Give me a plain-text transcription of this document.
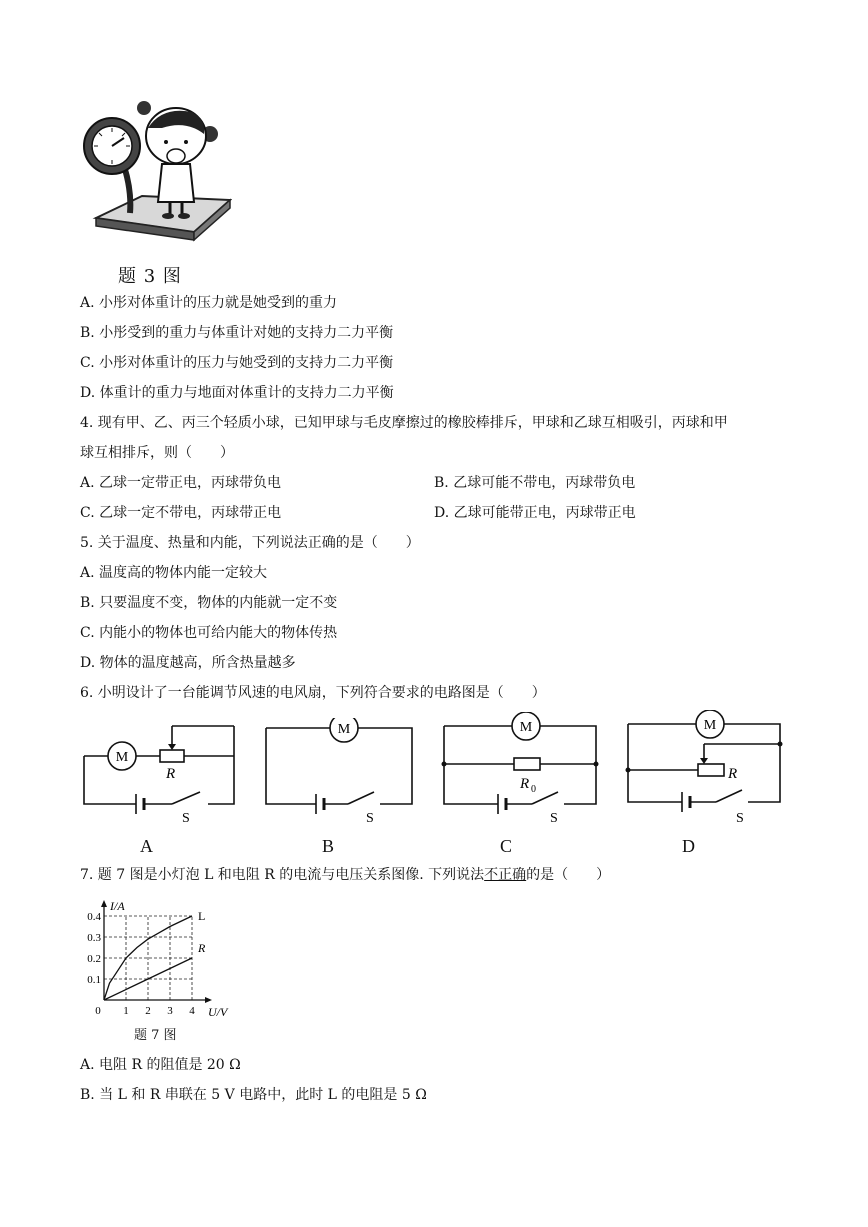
题 3 图
A. 小彤对体重计的压力就是她受到的重力
B. 小彤受到的重力与体重计对她的支持力二力平衡
C. 小彤对体重计的压力与她受到的支持力二力平衡
D. 体重计的重力与地面对体重计的支持力二力平衡
4. 现有甲、乙、丙三个轻质小球，已知甲球与毛皮摩擦过的橡胶棒排斥，甲球和乙球互相吸引，丙球和甲
球互相排斥，则（　　）
A. 乙球一定带正电，丙球带负电	B. 乙球可能不带电，丙球带负电
C. 乙球一定不带电，丙球带正电	D. 乙球可能带正电，丙球带正电
5. 关于温度、热量和内能，下列说法正确的是（　　）
A. 温度高的物体内能一定较大
B. 只要温度不变，物体的内能就一定不变
C. 内能小的物体也可给内能大的物体传热
D. 物体的温度越高，所含热量越多
6. 小明设计了一台能调节风速的电风扇，下列符合要求的电路图是（　　）
M
R
S
M
S
M
R 0
S
M
R
S
A	B	C	D
7. 题 7 图是小灯泡 L 和电阻 R 的电流与电压关系图像. 下列说法不正确的是（　　）
0 1 2 3 4
0.1
0.2
0.3
0.4
U/V
I/A
L
R
题 7 图
A. 电阻 R 的阻值是 20 Ω
B. 当 L 和 R 串联在 5 V 电路中，此时 L 的电阻是 5 Ω
